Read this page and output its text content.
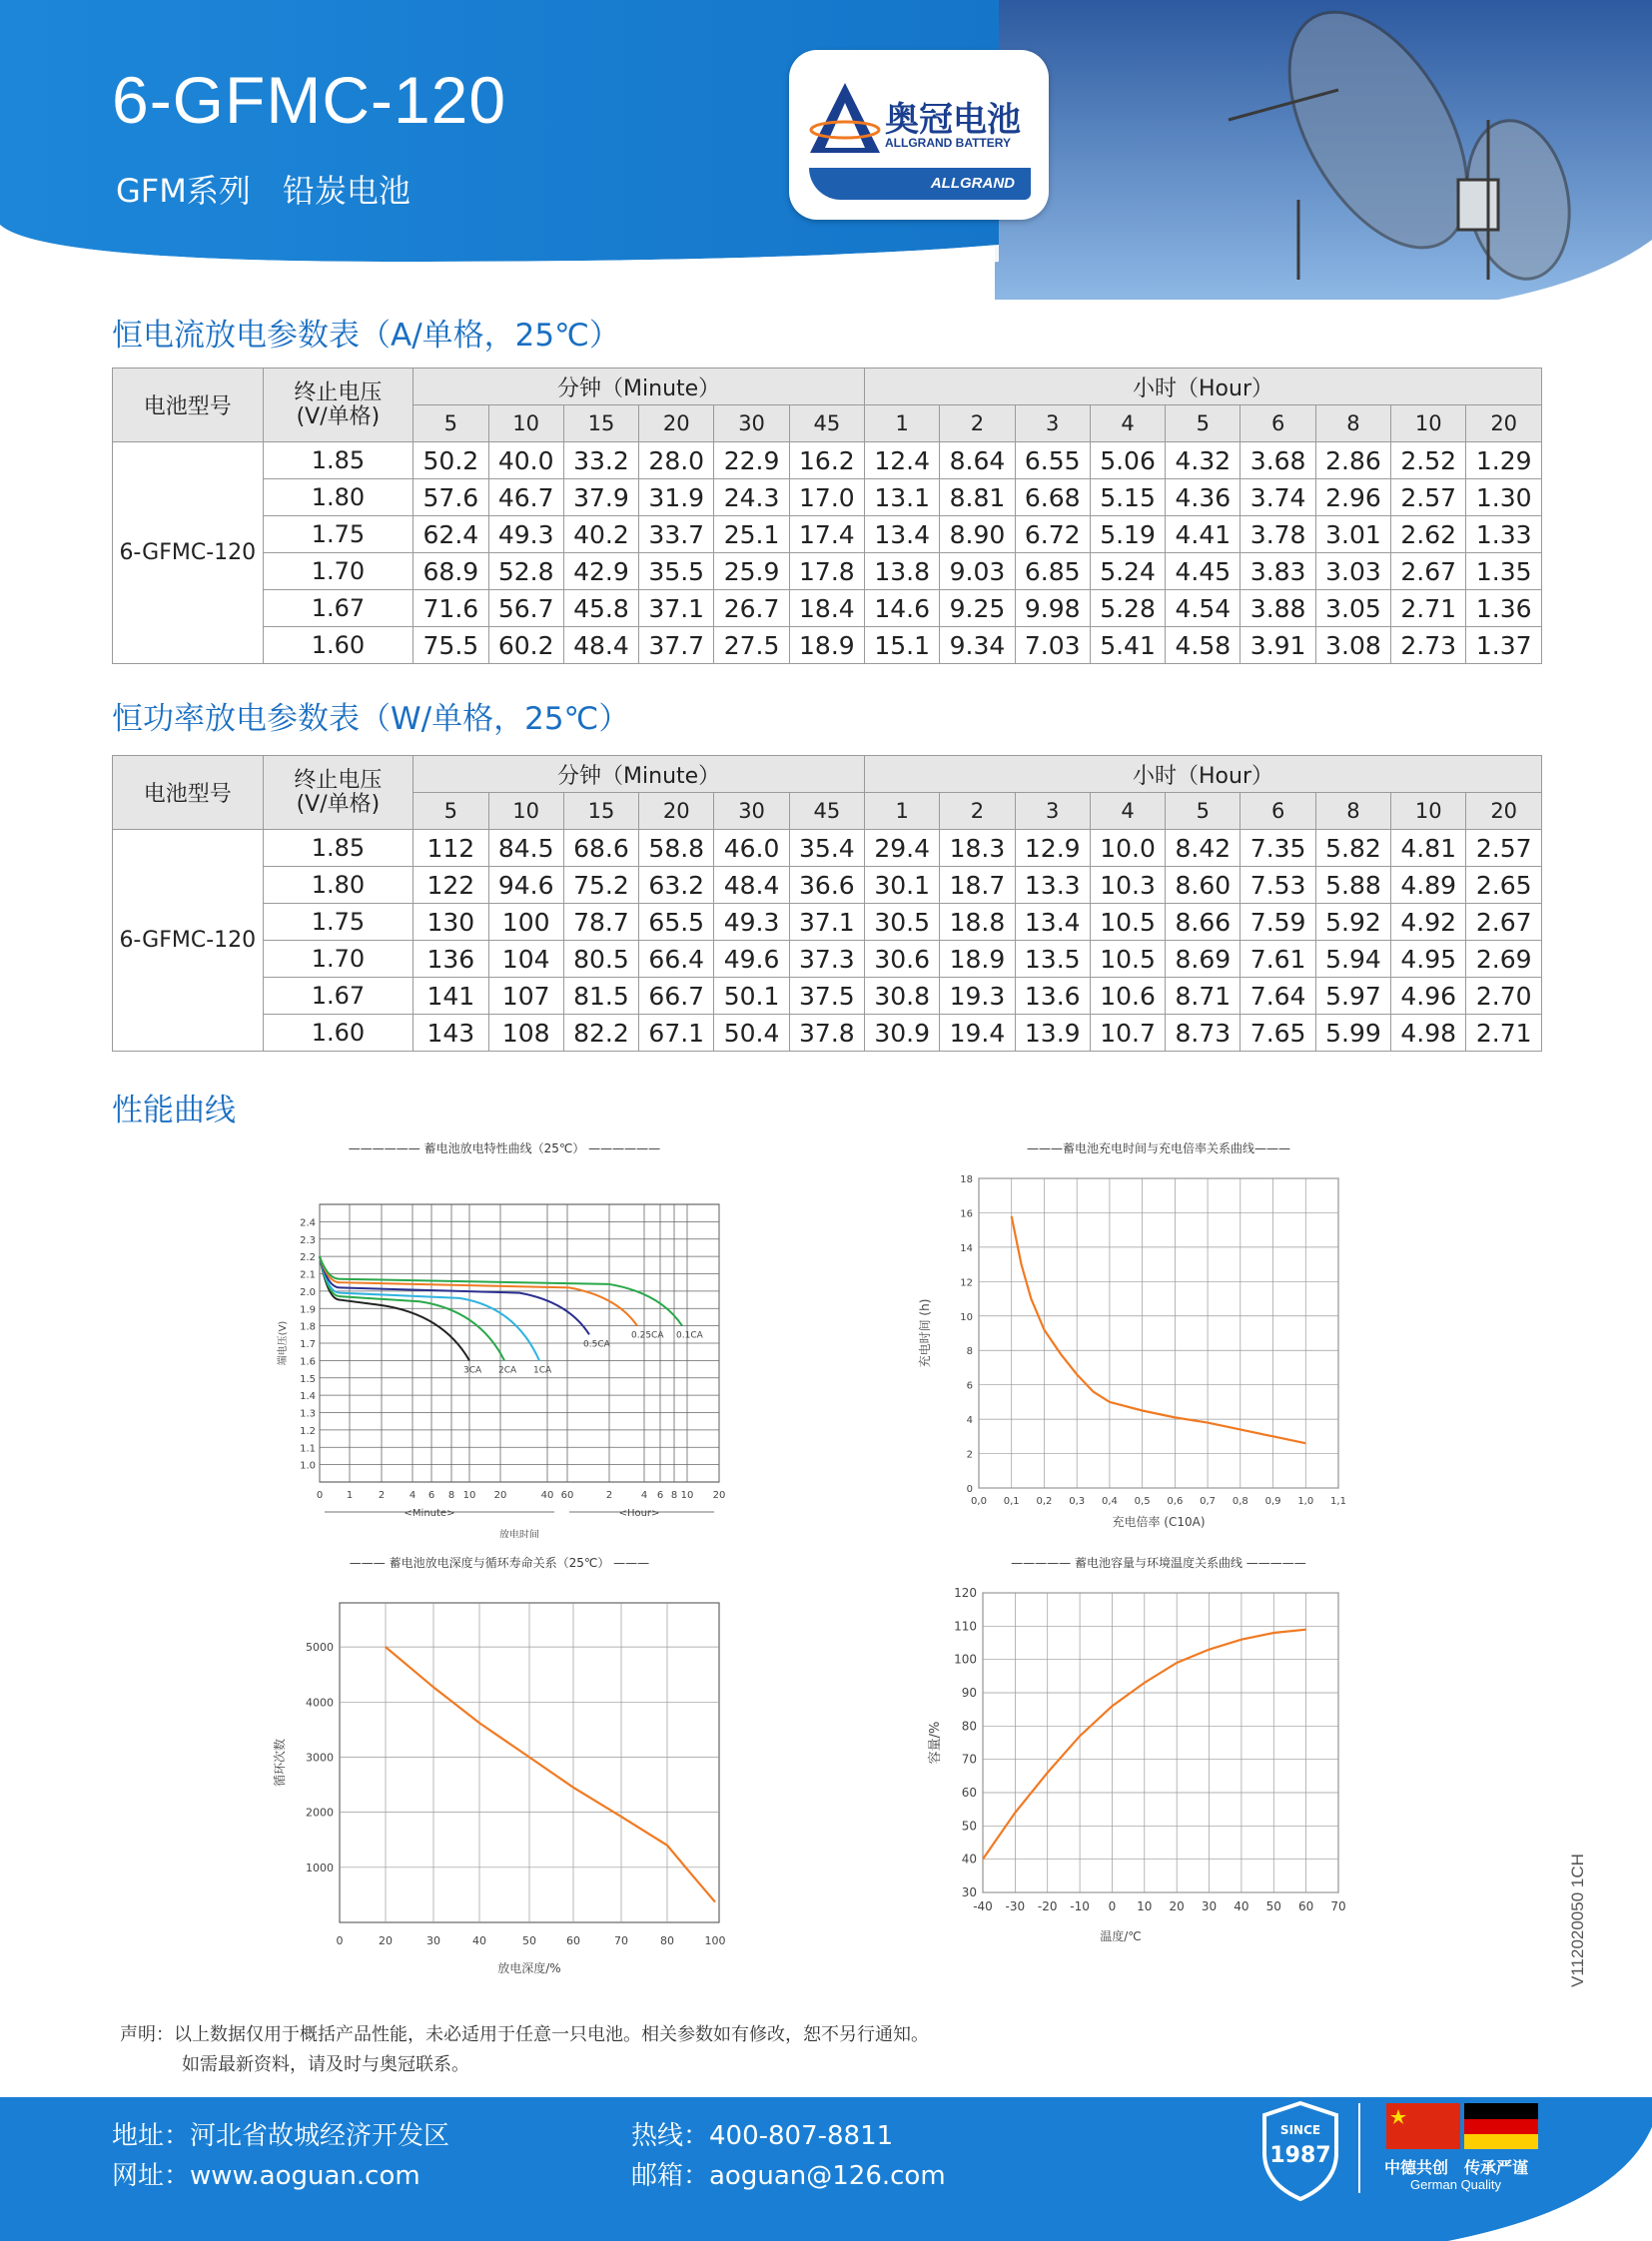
6-GFMC-120
GFM系列　铅炭电池
奥冠电池
ALLGRAND BATTERY
ALLGRAND
恒电流放电参数表（A/单格，25℃）
电池型号	终止电压
(V/单格)	分钟（Minute）						小时（Hour）								
		5	10	15	20	30	45	1	2	3	4	5	6	8	10	20
6-GFMC-120	1.85	50.2	40.0	33.2	28.0	22.9	16.2	12.4	8.64	6.55	5.06	4.32	3.68	2.86	2.52	1.29
	1.80	57.6	46.7	37.9	31.9	24.3	17.0	13.1	8.81	6.68	5.15	4.36	3.74	2.96	2.57	1.30
	1.75	62.4	49.3	40.2	33.7	25.1	17.4	13.4	8.90	6.72	5.19	4.41	3.78	3.01	2.62	1.33
	1.70	68.9	52.8	42.9	35.5	25.9	17.8	13.8	9.03	6.85	5.24	4.45	3.83	3.03	2.67	1.35
	1.67	71.6	56.7	45.8	37.1	26.7	18.4	14.6	9.25	9.98	5.28	4.54	3.88	3.05	2.71	1.36
	1.60	75.5	60.2	48.4	37.7	27.5	18.9	15.1	9.34	7.03	5.41	4.58	3.91	3.08	2.73	1.37
恒功率放电参数表（W/单格，25℃）
电池型号	终止电压
(V/单格)	分钟（Minute）						小时（Hour）								
		5	10	15	20	30	45	1	2	3	4	5	6	8	10	20
6-GFMC-120	1.85	112	84.5	68.6	58.8	46.0	35.4	29.4	18.3	12.9	10.0	8.42	7.35	5.82	4.81	2.57
	1.80	122	94.6	75.2	63.2	48.4	36.6	30.1	18.7	13.3	10.3	8.60	7.53	5.88	4.89	2.65
	1.75	130	100	78.7	65.5	49.3	37.1	30.5	18.8	13.4	10.5	8.66	7.59	5.92	4.92	2.67
	1.70	136	104	80.5	66.4	49.6	37.3	30.6	18.9	13.5	10.5	8.69	7.61	5.94	4.95	2.69
	1.67	141	107	81.5	66.7	50.1	37.5	30.8	19.3	13.6	10.6	8.71	7.64	5.97	4.96	2.70
	1.60	143	108	82.2	67.1	50.4	37.8	30.9	19.4	13.9	10.7	8.73	7.65	5.99	4.98	2.71
性能曲线
—————— 蓄电池放电特性曲线（25℃） ——————
1.0
1.1
1.2
1.3
1.4
1.5
1.6
1.7
1.8
1.9
2.0
2.1
2.2
2.3
2.4
0 1	2 4 6 8 10 20	40 60	2	4 6 8 10 20
<Minute>	<Hour>
放电时间
端电压(V)
3CA 2CA 1CA
0.5CA
0.25CA 0.1CA
———蓄电池充电时间与充电倍率关系曲线———
0
2
4
6
8
10
12
14
16
18
0,0 0,1 0,2 0,3 0,4 0,5 0,6 0,7 0,8 0,9 1,0 1,1
充电倍率 (C10A)
充电时间 (h)
——— 蓄电池放电深度与循环寿命关系（25℃） ———
1000
2000
3000
4000
5000
0	20	30	40	50	60	70	80	100
放电深度/%
循环次数
————— 蓄电池容量与环境温度关系曲线 —————
30
40
50
60
70
80
90
100
110
120
-40 -30 -20 -10 0 10 20 30 40 50 60 70
温度/℃
容量/%
V112020050 1CH
声明：以上数据仅用于概括产品性能，未必适用于任意一只电池。相关参数如有修改，恕不另行通知。
如需最新资料，请及时与奥冠联系。
地址：河北省故城经济开发区
网址：www.aoguan.com
热线：400-807-8811
邮箱：aoguan@126.com
SINCE
1987	中德共创　传承严谨
German Quality
